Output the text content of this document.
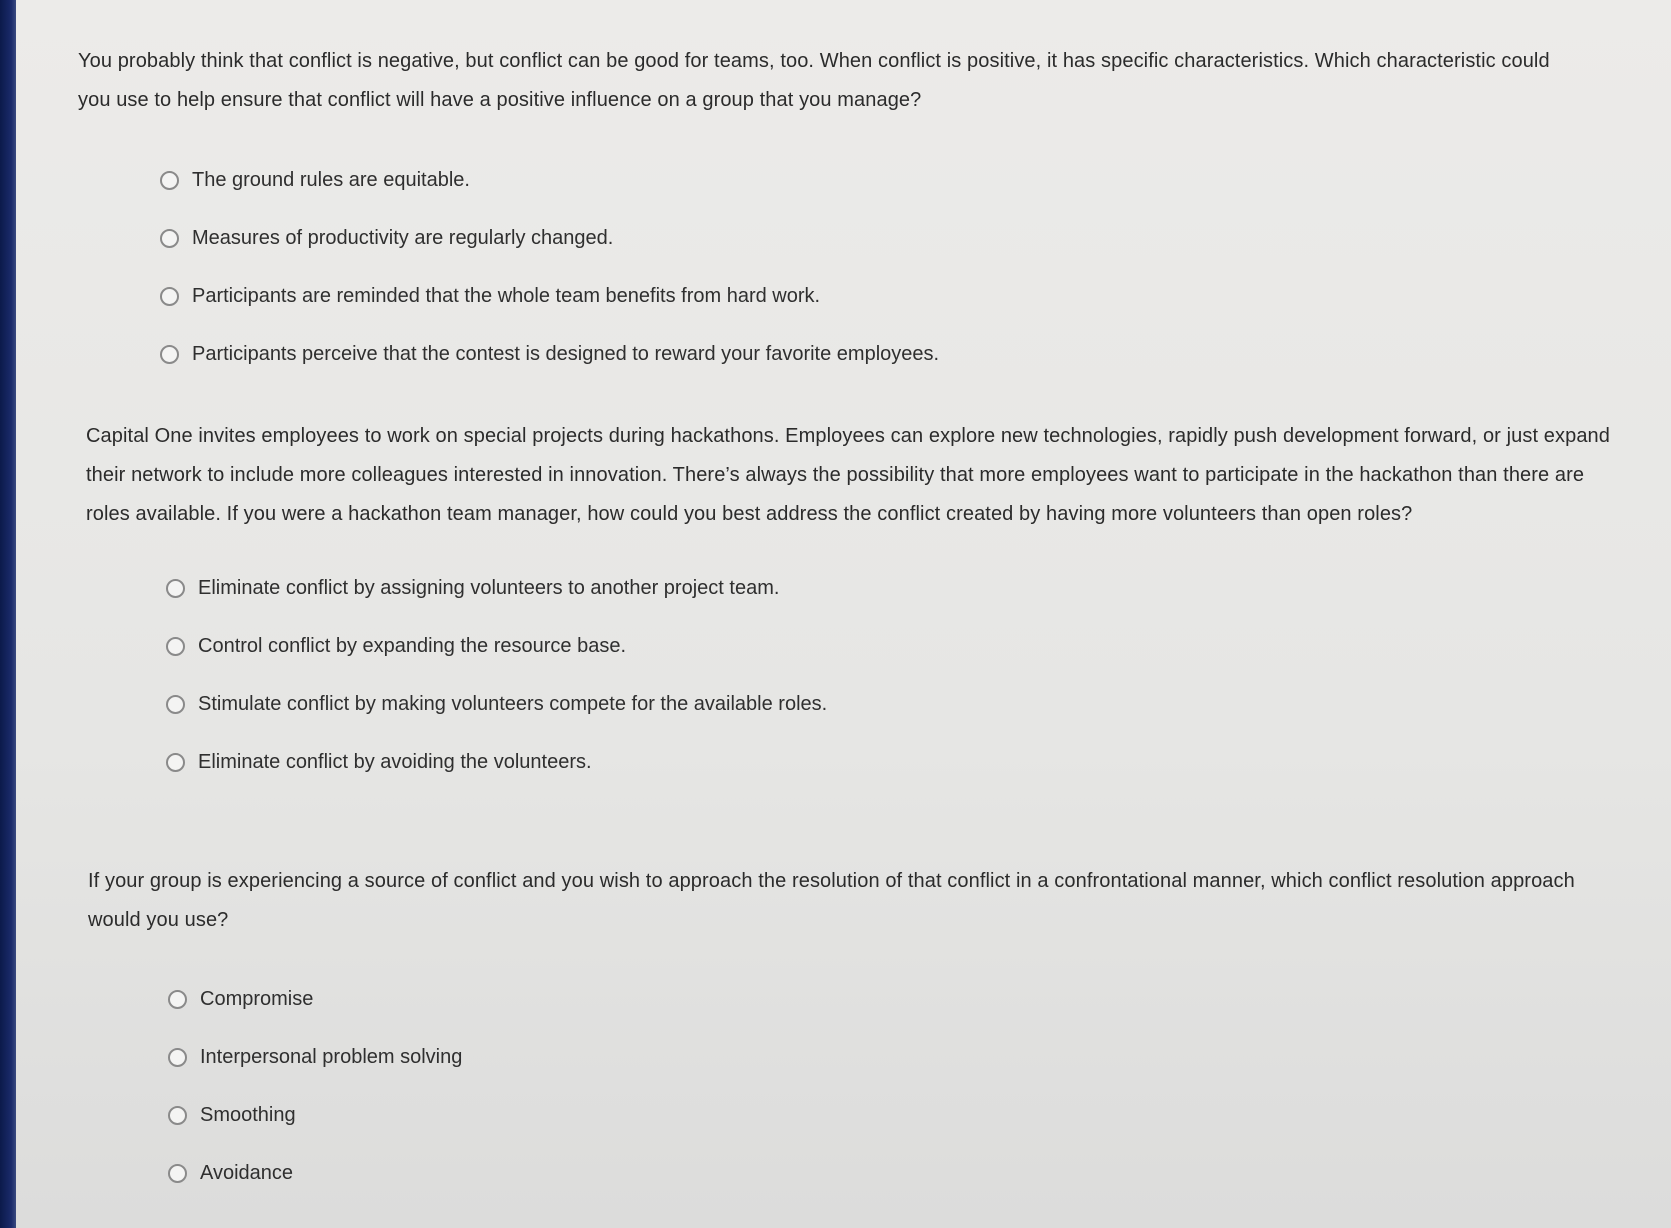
You probably think that conflict is negative, but conflict can be good for teams, too. When conflict is positive, it has specific characteristics. Which characteristic could you use to help ensure that conflict will have a positive influence on a group that you manage?

The ground rules are equitable.
Measures of productivity are regularly changed.
Participants are reminded that the whole team benefits from hard work.
Participants perceive that the contest is designed to reward your favorite employees.

Capital One invites employees to work on special projects during hackathons. Employees can explore new technologies, rapidly push development forward, or just expand their network to include more colleagues interested in innovation. There’s always the possibility that more employees want to participate in the hackathon than there are roles available. If you were a hackathon team manager, how could you best address the conflict created by having more volunteers than open roles?

Eliminate conflict by assigning volunteers to another project team.
Control conflict by expanding the resource base.
Stimulate conflict by making volunteers compete for the available roles.
Eliminate conflict by avoiding the volunteers.

If your group is experiencing a source of conflict and you wish to approach the resolution of that conflict in a confrontational manner, which conflict resolution approach would you use?

Compromise
Interpersonal problem solving
Smoothing
Avoidance
